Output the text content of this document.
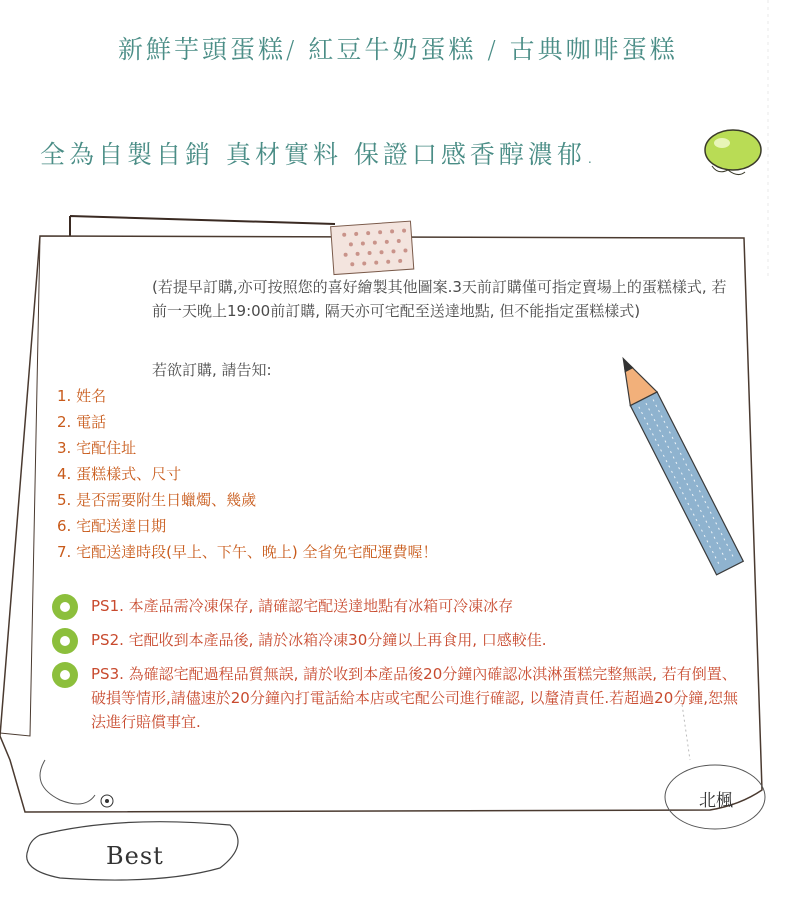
新鮮芋頭蛋糕/ 紅豆牛奶蛋糕 / 古典咖啡蛋糕
全為自製自銷 真材實料 保證口感香醇濃郁.
(若提早訂購,亦可按照您的喜好繪製其他圖案.3天前訂購僅可指定賣場上的蛋糕樣式, 若前一天晚上19:00前訂購, 隔天亦可宅配至送達地點, 但不能指定蛋糕樣式)
若欲訂購, 請告知:
1. 姓名
2. 電話
3. 宅配住址
4. 蛋糕樣式、尺寸
5. 是否需要附生日蠟燭、幾歲
6. 宅配送達日期
7. 宅配送達時段(早上、下午、晚上) 全省免宅配運費喔！
PS1. 本產品需冷凍保存, 請確認宅配送達地點有冰箱可冷凍冰存
PS2. 宅配收到本產品後, 請於冰箱冷凍30分鐘以上再食用, 口感較佳.
PS3. 為確認宅配過程品質無誤, 請於收到本產品後20分鐘內確認冰淇淋蛋糕完整無誤, 若有倒置、破損等情形,請儘速於20分鐘內打電話給本店或宅配公司進行確認, 以釐清責任.若超過20分鐘,恕無法進行賠償事宜.
北楓
Best
